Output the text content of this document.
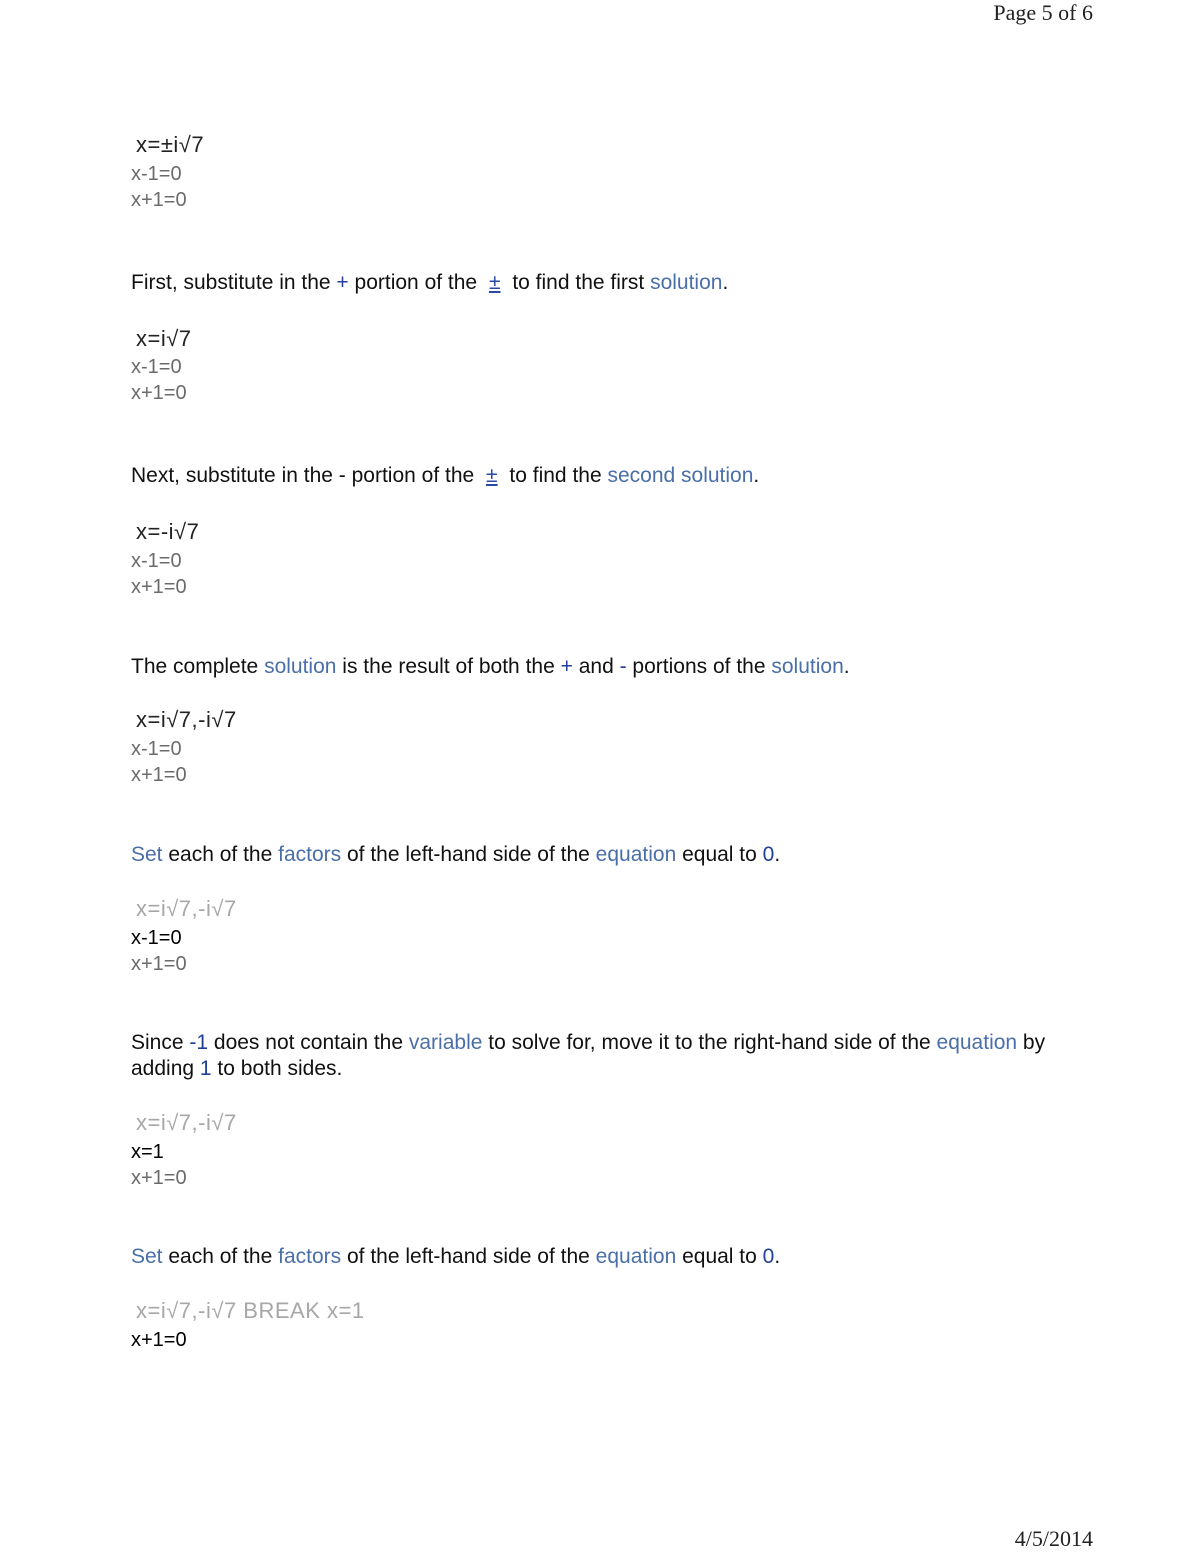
Page 5 of 6
x=±i√7
x-1=0
x+1=0
First, substitute in the + portion of the ± to find the first solution.
x=i√7
x-1=0
x+1=0
Next, substitute in the - portion of the ± to find the second solution.
x=-i√7
x-1=0
x+1=0
The complete solution is the result of both the + and - portions of the solution.
x=i√7,-i√7
x-1=0
x+1=0
Set each of the factors of the left-hand side of the equation equal to 0.
x=i√7,-i√7
x-1=0
x+1=0
Since -1 does not contain the variable to solve for, move it to the right-hand side of the equation by adding 1 to both sides.
x=i√7,-i√7
x=1
x+1=0
Set each of the factors of the left-hand side of the equation equal to 0.
x=i√7,-i√7 BREAK x=1
x+1=0
4/5/2014
